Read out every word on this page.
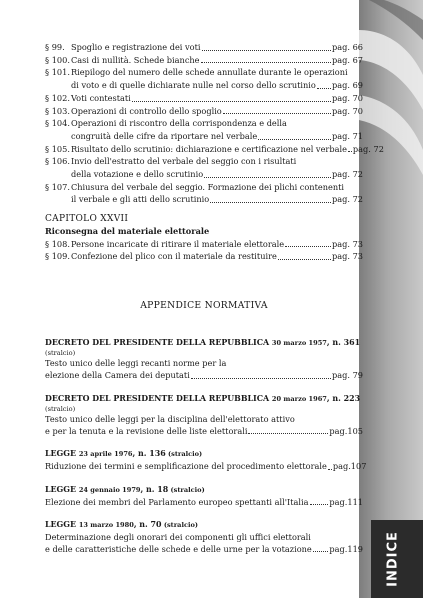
INDICE
§ 99. Spoglio e registrazione dei voti	pag. 66
§ 100. Casi di nullità. Schede bianche	pag. 67
§ 101. Riepilogo del numero delle schede annullate durante le operazioni
di voto e di quelle dichiarate nulle nel corso dello scrutinio pag. 69
§ 102. Voti contestati	pag. 70
§ 103. Operazioni di controllo dello spoglio	pag. 70
§ 104. Operazioni di riscontro della corrispondenza e della
congruità delle cifre da riportare nel verbale	pag. 71
§ 105. Risultato dello scrutinio: dichiarazione e certificazione nel verbale pag. 72
§ 106. Invio dell'estratto del verbale del seggio con i risultati
della votazione e dello scrutinio	pag. 72
§ 107. Chiusura del verbale del seggio. Formazione dei plichi contenenti
il verbale e gli atti dello scrutinio	pag. 72
CAPITOLO XXVII
Riconsegna del materiale elettorale
§ 108. Persone incaricate di ritirare il materiale elettorale	pag. 73
§ 109. Confezione del plico con il materiale da restituire	pag. 73
APPENDICE NORMATIVA
DECRETO DEL PRESIDENTE DELLA REPUBBLICA 30 marzo 1957, n. 361
(stralcio)
Testo unico delle leggi recanti norme per la
elezione della Camera dei deputati	pag. 79
DECRETO DEL PRESIDENTE DELLA REPUBBLICA 20 marzo 1967, n. 223
(stralcio)
Testo unico delle leggi per la disciplina dell'elettorato attivo
e per la tenuta e la revisione delle liste elettorali	pag.105
LEGGE 23 aprile 1976, n. 136 (stralcio)
Riduzione dei termini e semplificazione del procedimento elettorale pag.107
LEGGE 24 gennaio 1979, n. 18 (stralcio)
Elezione dei membri del Parlamento europeo spettanti all'Italia	pag.111
LEGGE 13 marzo 1980, n. 70 (stralcio)
Determinazione degli onorari dei componenti gli uffici elettorali
e delle caratteristiche delle schede e delle urne per la votazione pag.119
